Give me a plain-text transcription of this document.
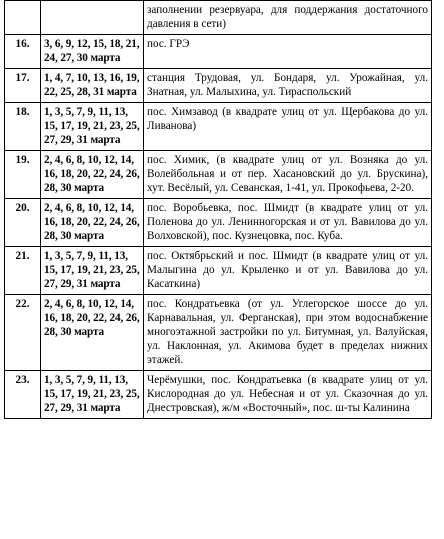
		заполнении резервуара, для поддержания достаточного давления в сети)
16.	3, 6, 9, 12, 15, 18, 21, 24, 27, 30 марта	пос. ГРЭ
17.	1, 4, 7, 10, 13, 16, 19, 22, 25, 28, 31 марта	станция Трудовая, ул. Бондаря, ул. Урожайная, ул. Знатная, ул. Малыхина, ул. Тираспольский
18.	1, 3, 5, 7, 9, 11, 13, 15, 17, 19, 21, 23, 25, 27, 29, 31 марта	пос. Химзавод (в квадрате улиц от ул. Щербакова до ул. Ливанова)
19.	2, 4, 6, 8, 10, 12, 14, 16, 18, 20, 22, 24, 26, 28, 30 марта	пос. Химик, (в квадрате улиц от ул. Возняка до ул. Волейбольная и от пер. Хасановский до ул. Брускина), хут. Весёлый, ул. Севанская, 1-41, ул. Прокофьева, 2-20.
20.	2, 4, 6, 8, 10, 12, 14, 16, 18, 20, 22, 24, 26, 28, 30 марта	пос. Воробьевка, пос. Шмидт (в квадрате улиц от ул. Поленова до ул. Ленинногорская и от ул. Вавилова до ул. Волховской), пос. Кузнецовка, пос. Куба.
21.	1, 3, 5, 7, 9, 11, 13, 15, 17, 19, 21, 23, 25, 27, 29, 31 марта	пос. Октябрьский и пос. Шмидт (в квадрате улиц от ул. Малыгина до ул. Крыленко и от ул. Вавилова до ул. Касаткина)
22.	2, 4, 6, 8, 10, 12, 14, 16, 18, 20, 22, 24, 26, 28, 30 марта	пос. Кондратьевка (от ул. Углегорское шоссе до ул. Карнавальная, ул. Ферганская), при этом водоснабжение многоэтажной застройки по ул. Битумная, ул. Валуйская, ул. Наклонная, ул. Акимова будет в пределах нижних этажей.
23.	1, 3, 5, 7, 9, 11, 13, 15, 17, 19, 21, 23, 25, 27, 29, 31 марта	Черёмушки, пос. Кондратьевка (в квадрате улиц от ул. Кислородная до ул. Небесная и от ул. Сказочная до ул. Днестровская), ж/м «Восточный», пос. ш-ты Калинина
